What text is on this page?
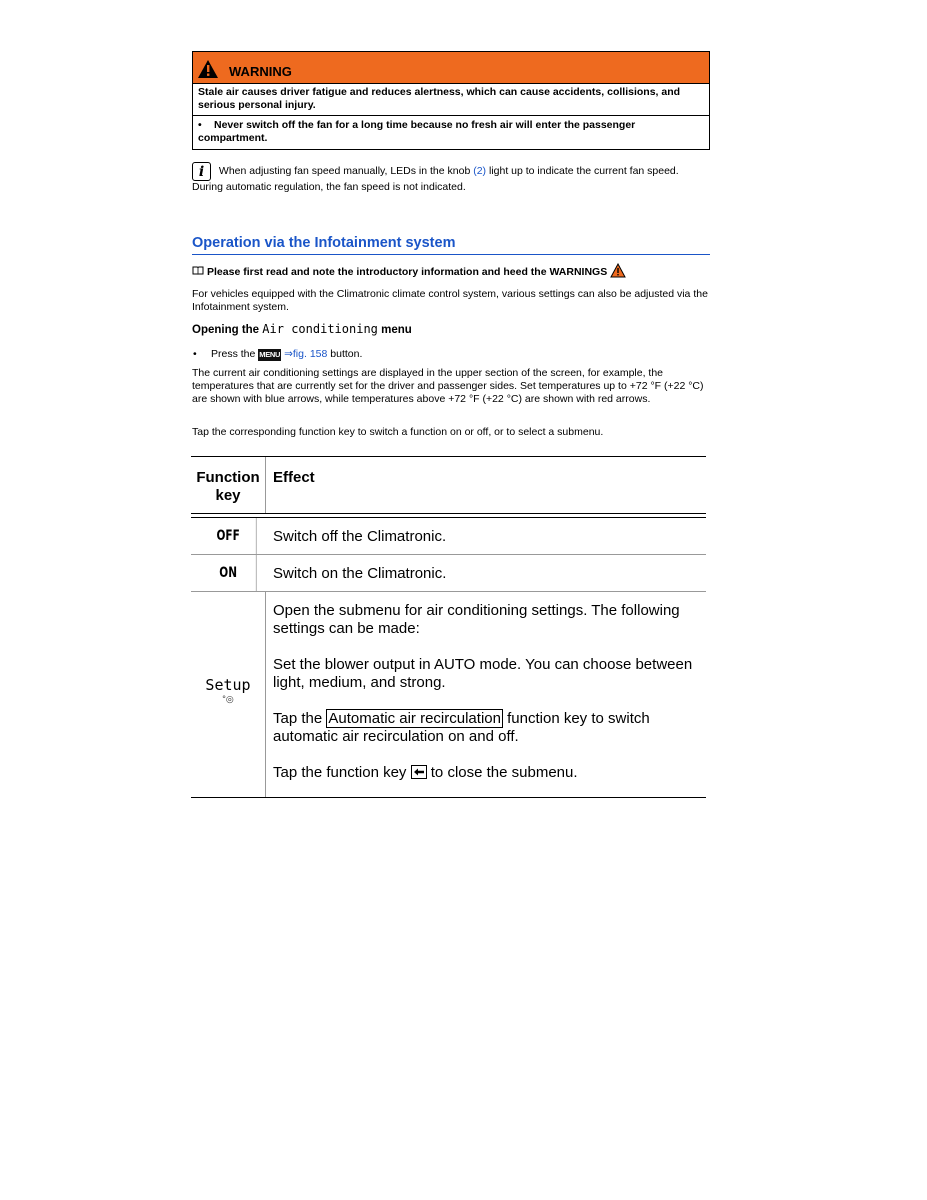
WARNING
Stale air causes driver fatigue and reduces alertness, which can cause accidents, collisions, and serious personal injury.
• Never switch off the fan for a long time because no fresh air will enter the passenger compartment.
i When adjusting fan speed manually, LEDs in the knob (2) light up to indicate the current fan speed. During automatic regulation, the fan speed is not indicated.
Operation via the Infotainment system
Please first read and note the introductory information and heed the WARNINGS
For vehicles equipped with the Climatronic climate control system, various settings can also be adjusted via the Infotainment system.
Opening the Air conditioning menu
• Press the MENU ⇒fig. 158 button.
The current air conditioning settings are displayed in the upper section of the screen, for example, the temperatures that are currently set for the driver and passenger sides. Set temperatures up to +72 °F (+22 °C) are shown with blue arrows, while temperatures above +72 °F (+22 °C) are shown with red arrows.
Tap the corresponding function key to switch a function on or off, or to select a submenu.
Function key
Effect
OFF	Switch off the Climatronic.
ON	Switch on the Climatronic.
Setup
°◎

Open the submenu for air conditioning settings. The following settings can be made:

Set the blower output in AUTO mode. You can choose between light, medium, and strong.

Tap the Automatic air recirculation function key to switch automatic air recirculation on and off.

Tap the function key to close the submenu.
